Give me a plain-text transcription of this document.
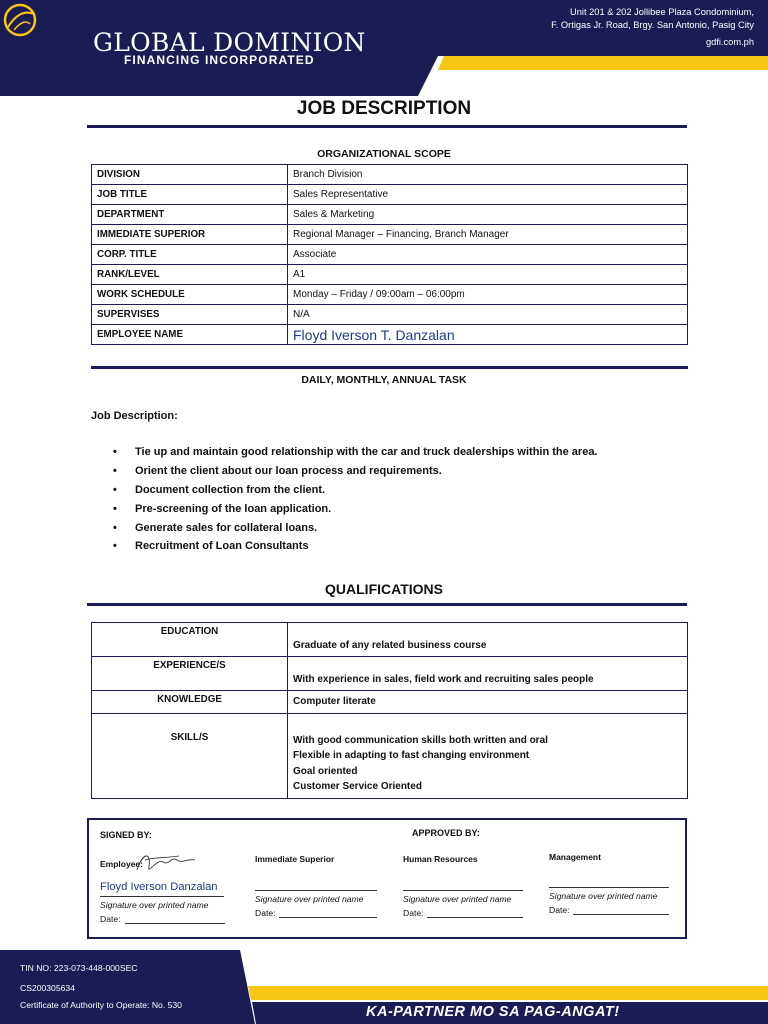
GLOBAL DOMINION
FINANCING INCORPORATED
Unit 201 & 202 Jollibee Plaza Condominium,
F. Ortigas Jr. Road, Brgy. San Antonio, Pasig City
gdfi.com.ph
JOB DESCRIPTION
ORGANIZATIONAL SCOPE
DIVISION	Branch Division
JOB TITLE	Sales Representative
DEPARTMENT	Sales & Marketing
IMMEDIATE SUPERIOR	Regional Manager – Financing, Branch Manager
CORP. TITLE	Associate
RANK/LEVEL	A1
WORK SCHEDULE	Monday – Friday / 09:00am – 06:00pm
SUPERVISES	N/A
EMPLOYEE NAME	Floyd Iverson T. Danzalan
DAILY, MONTHLY, ANNUAL TASK
Job Description:
• Tie up and maintain good relationship with the car and truck dealerships within the area.
• Orient the client about our loan process and requirements.
• Document collection from the client.
• Pre-screening of the loan application.
• Generate sales for collateral loans.
• Recruitment of Loan Consultants
QUALIFICATIONS
EDUCATION	Graduate of any related business course

EXPERIENCE/S	With experience in sales, field work and recruiting sales people

KNOWLEDGE	Computer literate

SKILL/S	With good communication skills both written and oral
Flexible in adapting to fast changing environment
Goal oriented
Customer Service Oriented
SIGNED BY:	APPROVED BY:
Employee:
Floyd Iverson Danzalan
Signature over printed name
Date:
Immediate Superior
Signature over printed name
Date:
Human Resources
Signature over printed name
Date:
Management
Signature over printed name
Date:
TIN NO: 223-073-448-000SEC
CS200305634
Certificate of Authority to Operate: No. 530	KA-PARTNER MO SA PAG-ANGAT!
